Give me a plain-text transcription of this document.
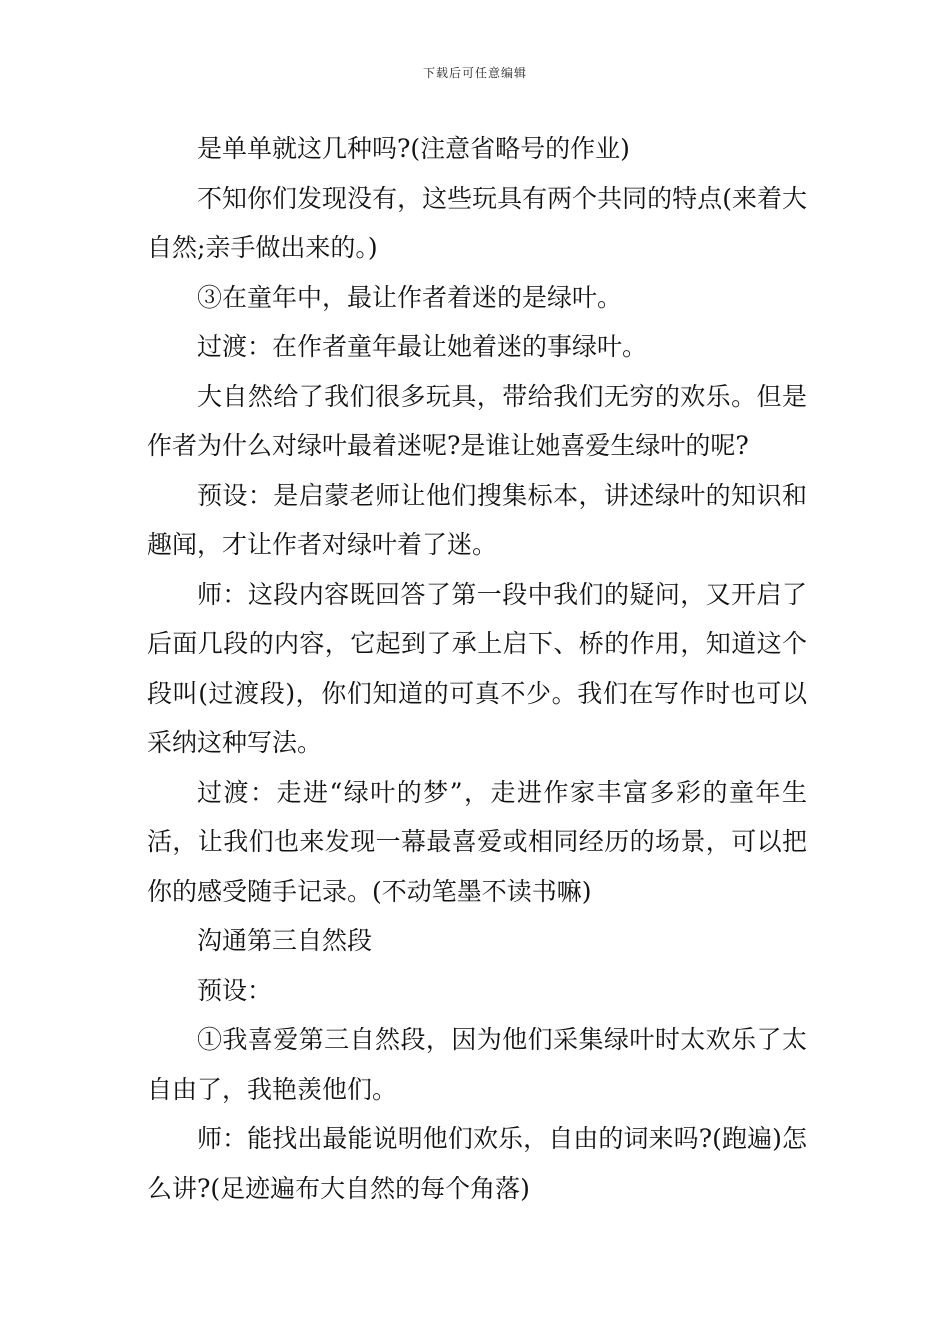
下载后可任意编辑

是单单就这几种吗?(注意省略号的作业)

不知你们发现没有，这些玩具有两个共同的特点(来着大自然;亲手做出来的。)

③在童年中，最让作者着迷的是绿叶。

过渡：在作者童年最让她着迷的事绿叶。

大自然给了我们很多玩具，带给我们无穷的欢乐。但是作者为什么对绿叶最着迷呢?是谁让她喜爱生绿叶的呢?

预设：是启蒙老师让他们搜集标本，讲述绿叶的知识和趣闻，才让作者对绿叶着了迷。

师：这段内容既回答了第一段中我们的疑问，又开启了后面几段的内容，它起到了承上启下、桥的作用，知道这个段叫(过渡段)，你们知道的可真不少。我们在写作时也可以采纳这种写法。

过渡：走进“绿叶的梦”，走进作家丰富多彩的童年生活，让我们也来发现一幕最喜爱或相同经历的场景，可以把你的感受随手记录。(不动笔墨不读书嘛)

沟通第三自然段

预设：

①我喜爱第三自然段，因为他们采集绿叶时太欢乐了太自由了，我艳羡他们。

师：能找出最能说明他们欢乐，自由的词来吗?(跑遍)怎么讲?(足迹遍布大自然的每个角落)
